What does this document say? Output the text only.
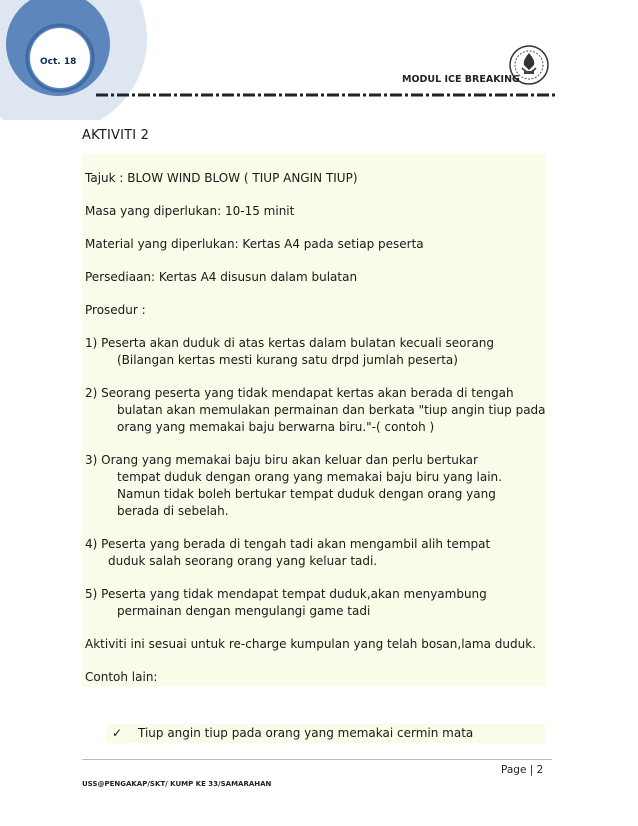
Oct. 18
MODUL ICE BREAKING
AKTIVITI 2
Tajuk : BLOW WIND BLOW ( TIUP ANGIN TIUP)
Masa yang diperlukan: 10-15 minit
Material yang diperlukan: Kertas A4 pada setiap peserta
Persediaan: Kertas A4 disusun dalam bulatan
Prosedur :
1) Peserta akan duduk di atas kertas dalam bulatan kecuali seorang
(Bilangan kertas mesti kurang satu drpd jumlah peserta)
2) Seorang peserta yang tidak mendapat kertas akan berada di tengah
bulatan akan memulakan permainan dan berkata "tiup angin tiup pada
orang yang memakai baju berwarna biru."-( contoh )
3) Orang yang memakai baju biru akan keluar dan perlu bertukar
tempat duduk dengan orang yang memakai baju biru yang lain.
Namun tidak boleh bertukar tempat duduk dengan orang yang
berada di sebelah.
4) Peserta yang berada di tengah tadi akan mengambil alih tempat
duduk salah seorang orang yang keluar tadi.
5) Peserta yang tidak mendapat tempat duduk,akan menyambung
permainan dengan mengulangi game tadi
Aktiviti ini sesuai untuk re-charge kumpulan yang telah bosan,lama duduk.
Contoh lain:
✓ Tiup angin tiup pada orang yang memakai cermin mata
Page | 2
USS@PENGAKAP/SKT/ KUMP KE 33/SAMARAHAN
